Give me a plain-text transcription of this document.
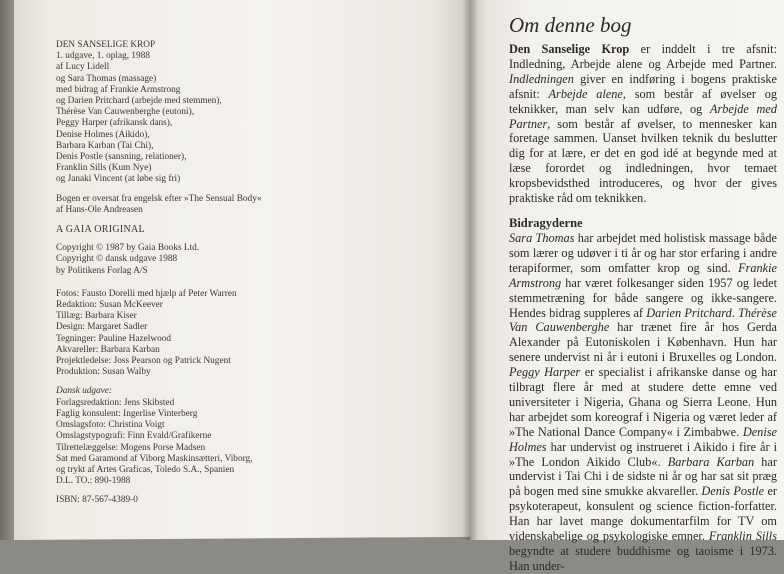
DEN SANSELIGE KROP
1. udgave, 1. oplag, 1988
af Lucy Lidell
og Sara Thomas (massage)
med bidrag af Frankie Armstrong
og Darien Pritchard (arbejde med stemmen),
Thérèse Van Cauwenberghe (eutoni),
Peggy Harper (afrikansk dans),
Denise Holmes (Aikido),
Barbara Karban (Tai Chi),
Denis Postle (sansning, relationer),
Franklin Sills (Kum Nye)
og Janaki Vincent (at løbe sig fri)
Bogen er oversat fra engelsk efter »The Sensual Body«
af Hans-Ole Andreasen
A GAIA ORIGINAL
Copyright © 1987 by Gaia Books Ltd.
Copyright © dansk udgave 1988
by Politikens Forlag A/S
Fotos: Fausto Dorelli med hjælp af Peter Warren
Redaktion: Susan McKeever
Tillæg: Barbara Kiser
Design: Margaret Sadler
Tegninger: Pauline Hazelwood
Akvareller: Barbara Karban
Projektledelse: Joss Pearson og Patrick Nugent
Produktion: Susan Walby
Dansk udgave:
Forlagsredaktion: Jens Skibsted
Faglig konsulent: Ingerlise Vinterberg
Omslagsfoto: Christina Voigt
Omslagstypografi: Finn Evald/Grafikerne
Tilrettelæggelse: Mogens Porse Madsen
Sat med Garamond af Viborg Maskinsætteri, Viborg,
og trykt af Artes Graficas, Toledo S.A., Spanien
D.L. TO.: 890-1988
ISBN: 87-567-4389-0
Om denne bog

Den Sanselige Krop er inddelt i tre afsnit: Indledning, Arbejde alene og Arbejde med Partner. Indledningen giver en indføring i bogens praktiske afsnit: Arbejde alene, som består af øvelser og teknikker, man selv kan udføre, og Arbejde med Partner, som består af øvelser, to mennesker kan foretage sammen. Uanset hvilken teknik du beslutter dig for at lære, er det en god idé at begynde med at læse forordet og indledningen, hvor temaet kropsbevidsthed introduceres, og hvor der gives praktiske råd om teknikken.

Bidragyderne

Sara Thomas har arbejdet med holistisk massage både som lærer og udøver i ti år og har stor erfaring i andre terapiformer, som omfatter krop og sind. Frankie Armstrong har været folkesanger siden 1957 og ledet stemmetræning for både sangere og ikke-sangere. Hendes bidrag suppleres af Darien Pritchard. Thérèse Van Cauwenberghe har trænet fire år hos Gerda Alexander på Eutoniskolen i København. Hun har senere undervist ni år i eutoni i Bruxelles og London. Peggy Harper er specialist i afrikanske danse og har tilbragt flere år med at studere dette emne ved universiteter i Nigeria, Ghana og Sierra Leone. Hun har arbejdet som koreograf i Nigeria og været leder af »The National Dance Company« i Zimbabwe. Denise Holmes har undervist og instrueret i Aikido i fire år i »The London Aikido Club«. Barbara Karban har undervist i Tai Chi i de sidste ni år og har sat sit præg på bogen med sine smukke akvareller. Denis Postle er psykoterapeut, konsulent og science fiction-forfatter. Han har lavet mange dokumentarfilm for TV om videnskabelige og psykologiske emner. Franklin Sills begyndte at studere buddhisme og taoisme i 1973. Han under-
